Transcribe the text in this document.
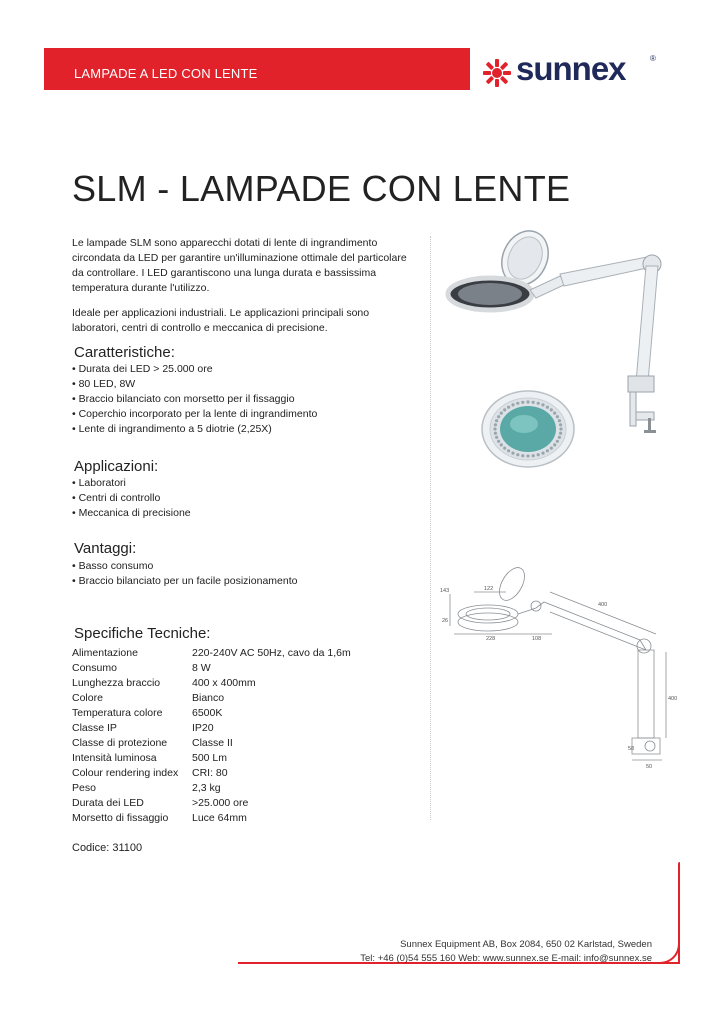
LAMPADE A LED CON LENTE	sunnex	®
SLM - LAMPADE CON LENTE

Le lampade SLM sono apparecchi dotati di lente di ingrandimento circondata da LED per garantire un'illuminazione ottimale del particolare da controllare. I LED garantiscono una lunga durata e bassissima temperatura durante l'utilizzo.

Ideale per applicazioni industriali. Le applicazioni principali sono laboratori, centri di controllo e meccanica di precisione.

Caratteristiche:
• Durata dei LED > 25.000 ore
• 80 LED, 8W
• Braccio bilanciato con morsetto per il fissaggio
• Coperchio incorporato per la lente di ingrandimento
• Lente di ingrandimento a 5 diotrie (2,25X)
Applicazioni:
• Laboratori
• Centri di controllo
• Meccanica di precisione
Vantaggi:
• Basso consumo
• Braccio bilanciato per un facile posizionamento
Specifiche Tecniche:
Alimentazione	220-240V AC 50Hz, cavo da 1,6m
Consumo	8 W
Lunghezza braccio	400 x 400mm
Colore	Bianco
Temperatura colore	6500K
Classe IP	IP20
Classe di protezione	Classe II
Intensità luminosa	500 Lm
Colour rendering index	CRI: 80
Peso	2,3 kg
Durata dei LED	>25.000 ore
Morsetto di fissaggio	Luce 64mm
Codice: 31100
143	122
26
228	108
400
400
58
50
Sunnex Equipment AB, Box 2084, 650 02 Karlstad, Sweden
Tel: +46 (0)54 555 160 Web: www.sunnex.se E-mail: info@sunnex.se
